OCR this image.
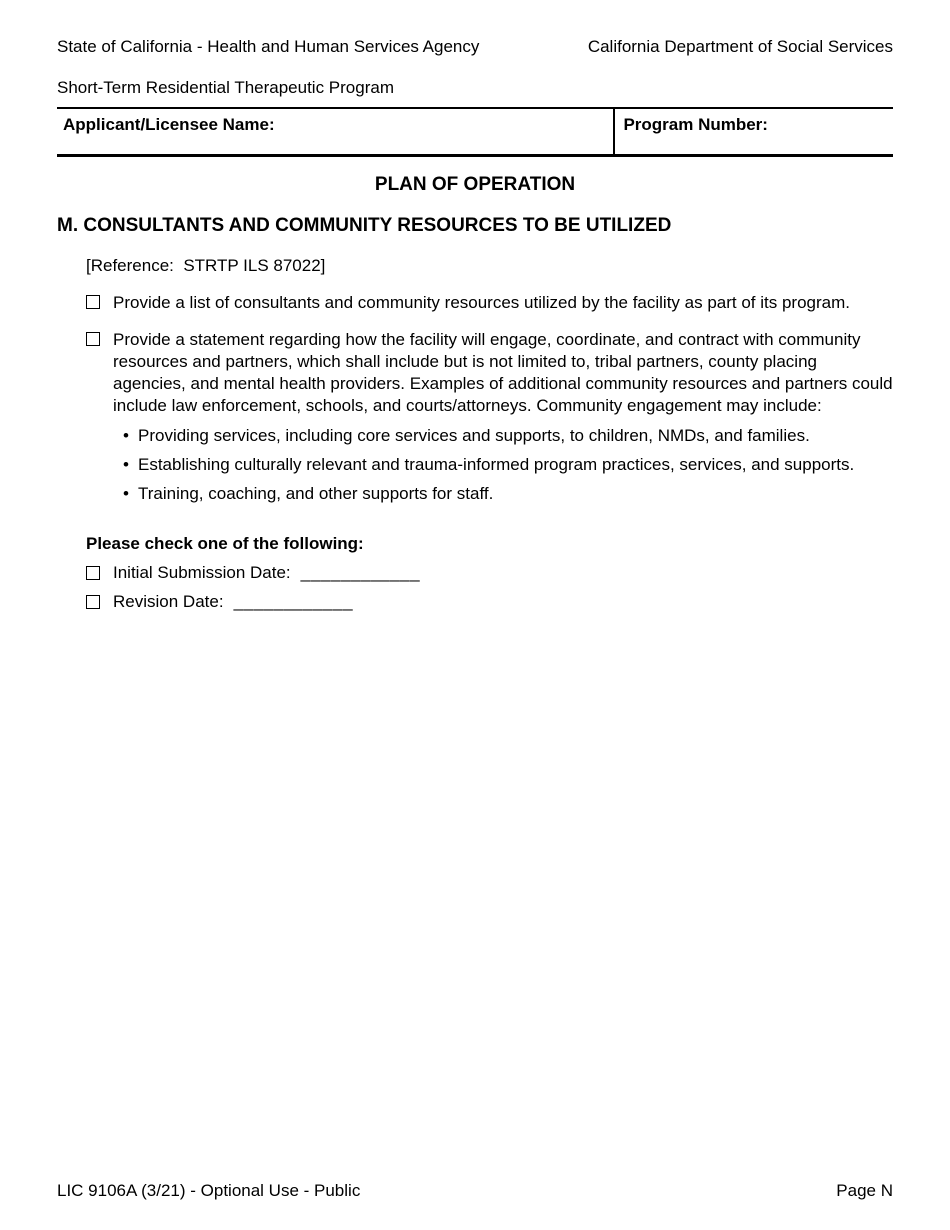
State of California - Health and Human Services Agency	California Department of Social Services
Short-Term Residential Therapeutic Program
Applicant/Licensee Name:	Program Number:
PLAN OF OPERATION
M. CONSULTANTS AND COMMUNITY RESOURCES TO BE UTILIZED
[Reference:  STRTP ILS 87022]
Provide a list of consultants and community resources utilized by the facility as part of its program.
Provide a statement regarding how the facility will engage, coordinate, and contract with community resources and partners, which shall include but is not limited to, tribal partners, county placing agencies, and mental health providers. Examples of additional community resources and partners could include law enforcement, schools, and courts/attorneys. Community engagement may include:
• Providing services, including core services and supports, to children, NMDs, and families.
• Establishing culturally relevant and trauma-informed program practices, services, and supports.
• Training, coaching, and other supports for staff.
Please check one of the following:
Initial Submission Date: ____________
Revision Date: ____________
LIC 9106A (3/21) - Optional Use - Public	Page N
